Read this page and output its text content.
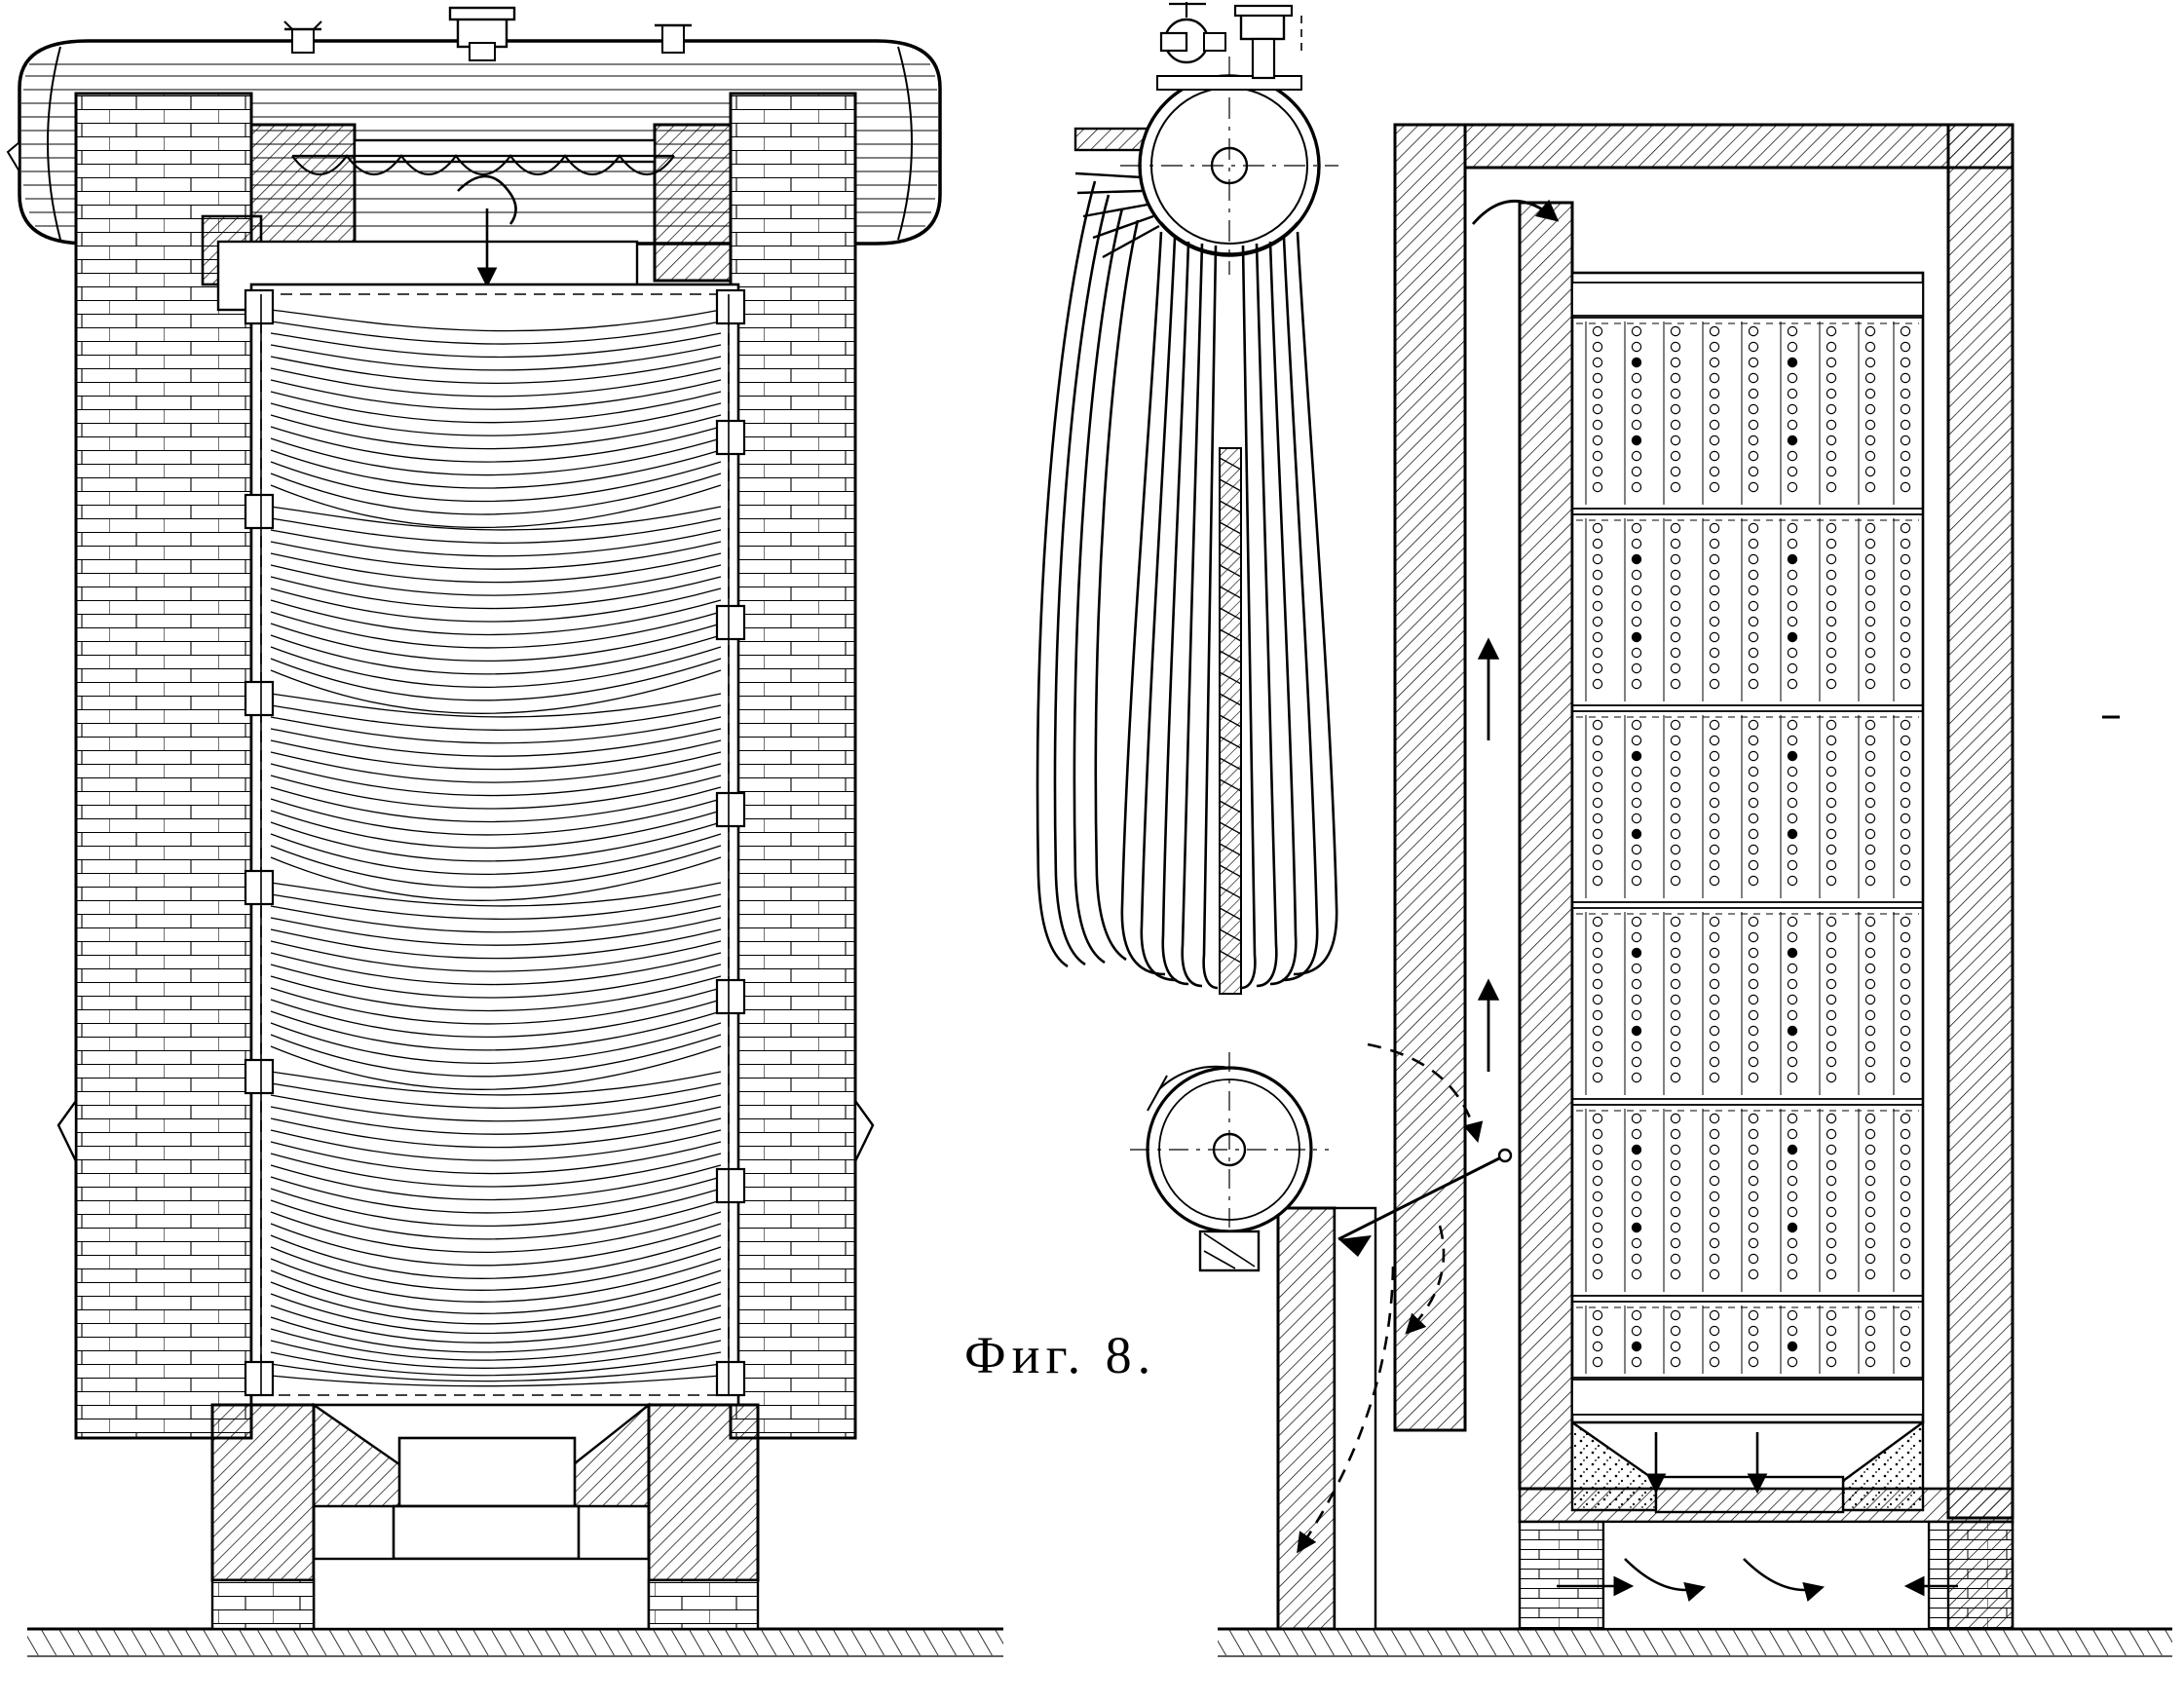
Фиг. 8.
